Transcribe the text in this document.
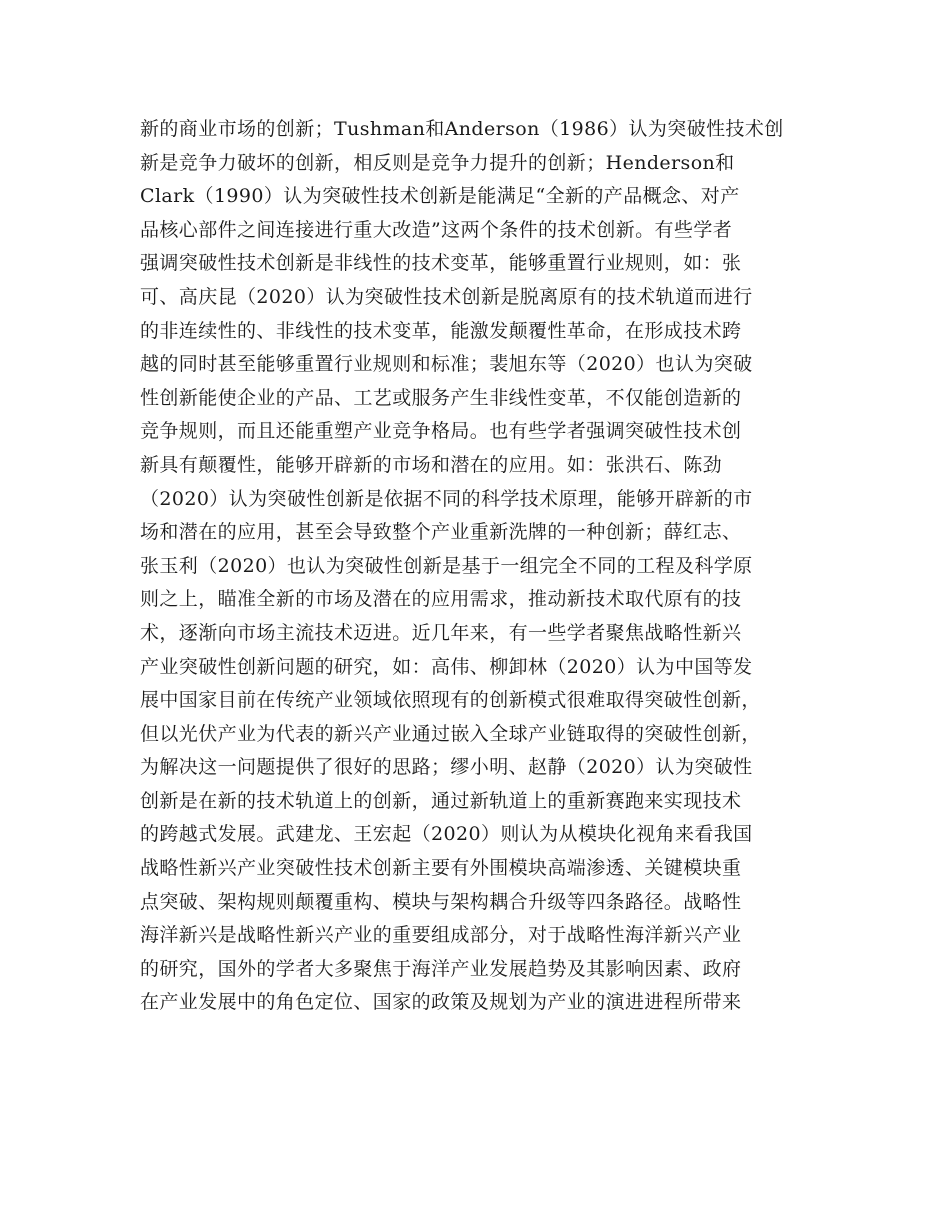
新的商业市场的创新；Tushman和Anderson（1986）认为突破性技术创
新是竞争力破坏的创新，相反则是竞争力提升的创新；Henderson和
Clark（1990）认为突破性技术创新是能满足“全新的产品概念、对产
品核心部件之间连接进行重大改造”这两个条件的技术创新。有些学者
强调突破性技术创新是非线性的技术变革，能够重置行业规则，如：张
可、高庆昆（2020）认为突破性技术创新是脱离原有的技术轨道而进行
的非连续性的、非线性的技术变革，能激发颠覆性革命，在形成技术跨
越的同时甚至能够重置行业规则和标准；裴旭东等（2020）也认为突破
性创新能使企业的产品、工艺或服务产生非线性变革，不仅能创造新的
竞争规则，而且还能重塑产业竞争格局。也有些学者强调突破性技术创
新具有颠覆性，能够开辟新的市场和潜在的应用。如：张洪石、陈劲
（2020）认为突破性创新是依据不同的科学技术原理，能够开辟新的市
场和潜在的应用，甚至会导致整个产业重新洗牌的一种创新；薛红志、
张玉利（2020）也认为突破性创新是基于一组完全不同的工程及科学原
则之上，瞄准全新的市场及潜在的应用需求，推动新技术取代原有的技
术，逐渐向市场主流技术迈进。近几年来，有一些学者聚焦战略性新兴
产业突破性创新问题的研究，如：高伟、柳卸林（2020）认为中国等发
展中国家目前在传统产业领域依照现有的创新模式很难取得突破性创新，
但以光伏产业为代表的新兴产业通过嵌入全球产业链取得的突破性创新，
为解决这一问题提供了很好的思路；缪小明、赵静（2020）认为突破性
创新是在新的技术轨道上的创新，通过新轨道上的重新赛跑来实现技术
的跨越式发展。武建龙、王宏起（2020）则认为从模块化视角来看我国
战略性新兴产业突破性技术创新主要有外围模块高端渗透、关键模块重
点突破、架构规则颠覆重构、模块与架构耦合升级等四条路径。战略性
海洋新兴是战略性新兴产业的重要组成部分，对于战略性海洋新兴产业
的研究，国外的学者大多聚焦于海洋产业发展趋势及其影响因素、政府
在产业发展中的角色定位、国家的政策及规划为产业的演进进程所带来
